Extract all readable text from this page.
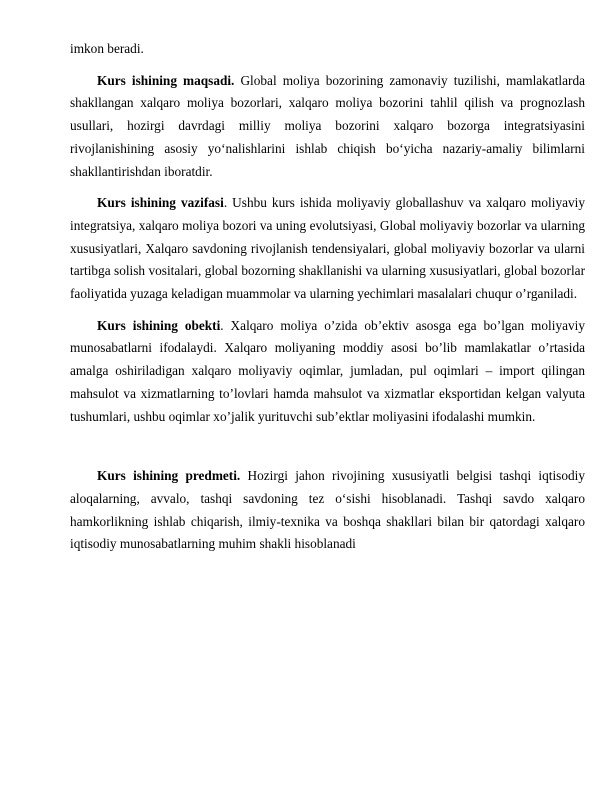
imkon beradi.

Kurs ishining maqsadi. Global moliya bozorining zamonaviy tuzilishi, mamlakatlarda shakllangan xalqaro moliya bozorlari, xalqaro moliya bozorini tahlil qilish va prognozlash usullari, hozirgi davrdagi milliy moliya bozorini xalqaro bozorga integratsiyasini rivojlanishining asosiy yo‘nalishlarini ishlab chiqish bo‘yicha nazariy-amaliy bilimlarni shakllantirishdan iboratdir.

Kurs ishining vazifasi. Ushbu kurs ishida moliyaviy globallashuv va xalqaro moliyaviy integratsiya, xalqaro moliya bozori va uning evolutsiyasi, Global moliyaviy bozorlar va ularning xususiyatlari, Xalqaro savdoning rivojlanish tendensiyalari, global moliyaviy bozorlar va ularni tartibga solish vositalari, global bozorning shakllanishi va ularning xususiyatlari, global bozorlar faoliyatida yuzaga keladigan muammolar va ularning yechimlari masalalari chuqur o’rganiladi.

Kurs ishining obekti. Xalqaro moliya o’zida ob’ektiv asosga ega bo’lgan moliyaviy munosabatlarni ifodalaydi. Xalqaro moliyaning moddiy asosi bo’lib mamlakatlar o’rtasida amalga oshiriladigan xalqaro moliyaviy oqimlar, jumladan, pul oqimlari – import qilingan mahsulot va xizmatlarning to’lovlari hamda mahsulot va xizmatlar eksportidan kelgan valyuta tushumlari, ushbu oqimlar xo’jalik yurituvchi sub’ektlar moliyasini ifodalashi mumkin.

Kurs ishining predmeti. Hozirgi jahon rivojining xususiyatli belgisi tashqi iqtisodiy aloqalarning, avvalo, tashqi savdoning tez o‘sishi hisoblanadi. Tashqi savdo xalqaro hamkorlikning ishlab chiqarish, ilmiy-texnika va boshqa shakllari bilan bir qatordagi xalqaro iqtisodiy munosabatlarning muhim shakli hisoblanadi
